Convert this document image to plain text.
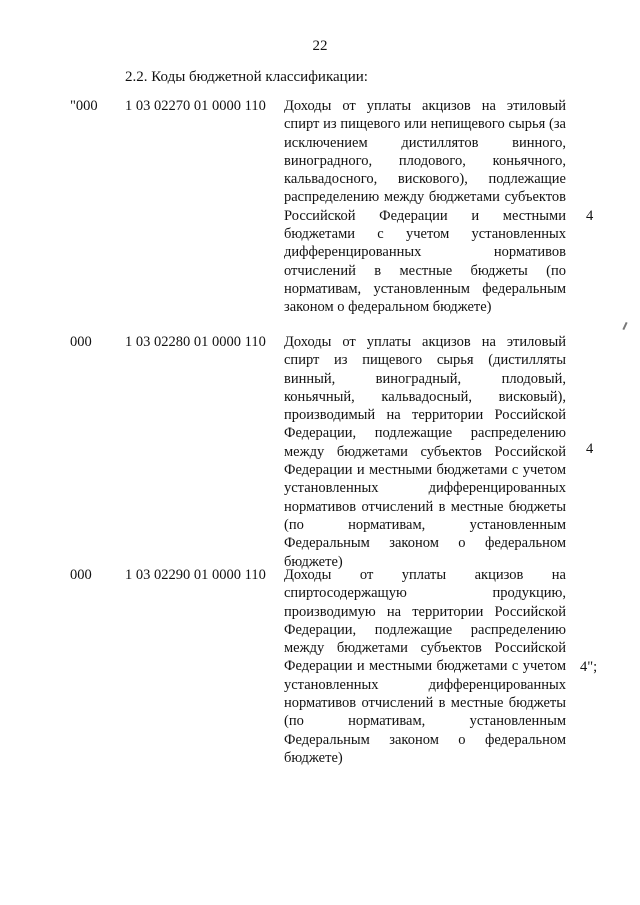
22
2.2. Коды бюджетной классификации:
"000 1 03 02270 01 0000 110 Доходы от уплаты акцизов на этиловый спирт из пищевого или непищевого сырья (за исключением дистиллятов винного, виноградного, плодового, коньячного, кальвадосного, вискового), подлежащие распределению между бюджетами субъектов Российской Федерации и местными бюджетами с учетом установленных дифференцированных нормативов отчислений в местные бюджеты (по нормативам, установленным федеральным законом о федеральном бюджете)
4
000 1 03 02280 01 0000 110 Доходы от уплаты акцизов на этиловый спирт из пищевого сырья (дистилляты винный, виноградный, плодовый, коньячный, кальвадосный, висковый), производимый на территории Российской Федерации, подлежащие распределению между бюджетами субъектов Российской Федерации и местными бюджетами с учетом установленных дифференцированных нормативов отчислений в местные бюджеты (по нормативам, установленным Федеральным законом о федеральном бюджете)
4
000 1 03 02290 01 0000 110 Доходы от уплаты акцизов на спиртосодержащую продукцию, производимую на территории Российской Федерации, подлежащие распределению между бюджетами субъектов Российской Федерации и местными бюджетами с учетом установленных дифференцированных нормативов отчислений в местные бюджеты (по нормативам, установленным Федеральным законом о федеральном бюджете)
4";
